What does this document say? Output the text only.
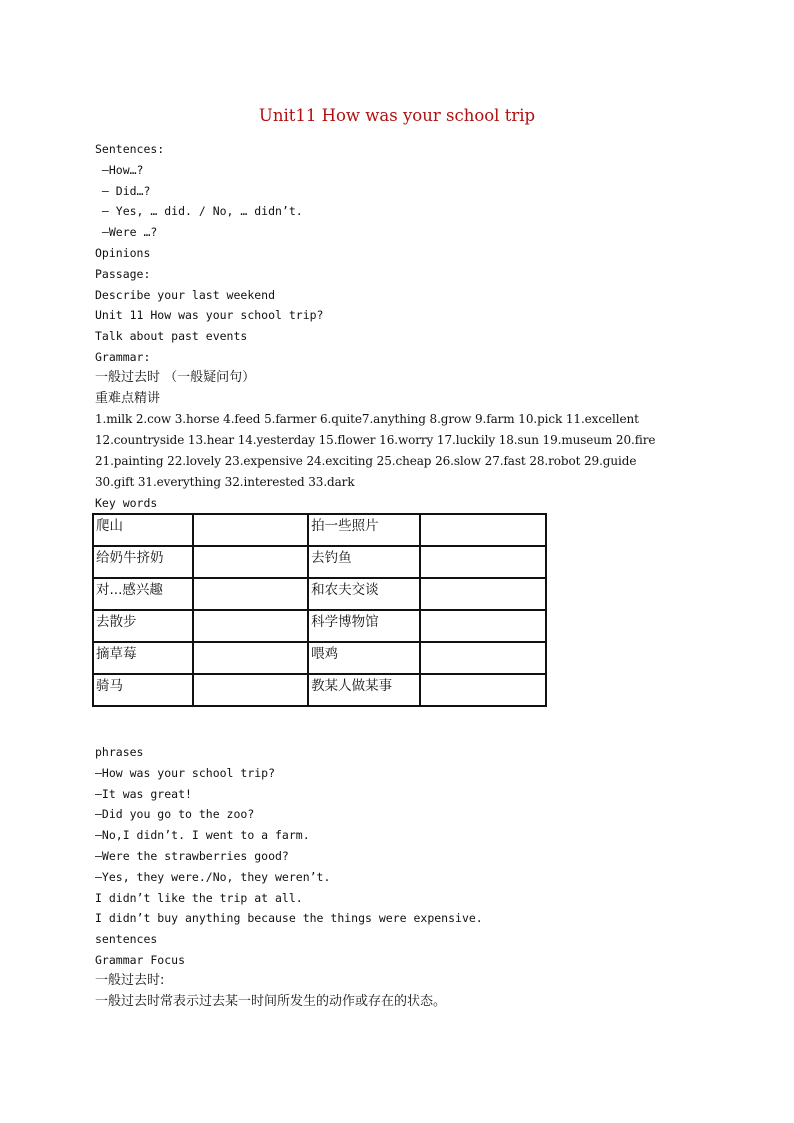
Unit11 How was your school trip
Sentences:
–How…?
– Did…?
– Yes, … did. / No, … didn’t.
–Were …?
Opinions
Passage:
Describe your last weekend
Unit 11 How was your school trip?
Talk about past events
Grammar:
一般过去时 （一般疑问句）
重难点精讲
1.milk 2.cow 3.horse 4.feed 5.farmer 6.quite7.anything 8.grow 9.farm 10.pick 11.excellent
12.countryside 13.hear 14.yesterday 15.flower 16.worry 17.luckily 18.sun 19.museum 20.fire
21.painting 22.lovely 23.expensive 24.exciting 25.cheap 26.slow 27.fast 28.robot 29.guide
30.gift 31.everything 32.interested 33.dark
Key words
爬山		拍一些照片	
给奶牛挤奶		去钓鱼	
对...感兴趣		和农夫交谈	
去散步		科学博物馆	
摘草莓		喂鸡	
骑马		教某人做某事	
phrases
—How was your school trip?
—It was great!
—Did you go to the zoo?
—No,I didn’t. I went to a farm.
—Were the strawberries good?
—Yes, they were./No, they weren’t.
I didn’t like the trip at all.
I didn’t buy anything because the things were expensive.
sentences
Grammar Focus
一般过去时:
一般过去时常表示过去某一时间所发生的动作或存在的状态。
